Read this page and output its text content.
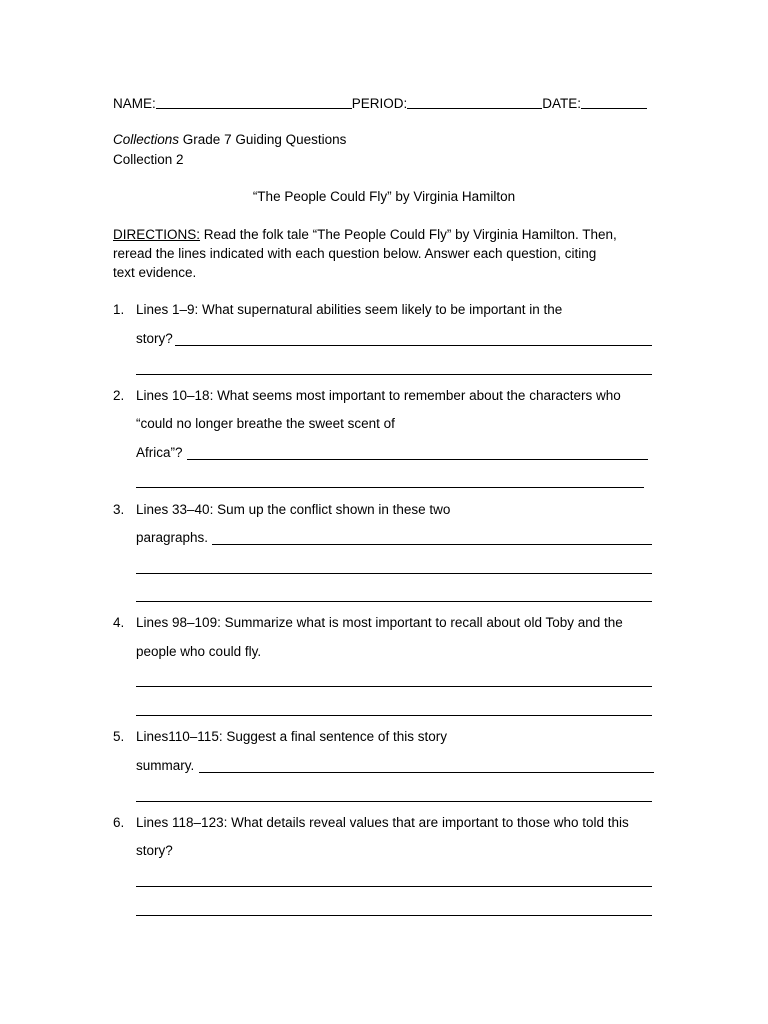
NAME:	PERIOD:	DATE:
Collections Grade 7 Guiding Questions
Collection 2
“The People Could Fly” by Virginia Hamilton
DIRECTIONS: Read the folk tale “The People Could Fly” by Virginia Hamilton. Then,
reread the lines indicated with each question below. Answer each question, citing
text evidence.
1. Lines 1–9: What supernatural abilities seem likely to be important in the
story?
2. Lines 10–18: What seems most important to remember about the characters who
“could no longer breathe the sweet scent of
Africa”?
3. Lines 33–40: Sum up the conflict shown in these two
paragraphs.
4. Lines 98–109: Summarize what is most important to recall about old Toby and the
people who could fly.
5. Lines110–115: Suggest a final sentence of this story
summary.
6. Lines 118–123: What details reveal values that are important to those who told this
story?
